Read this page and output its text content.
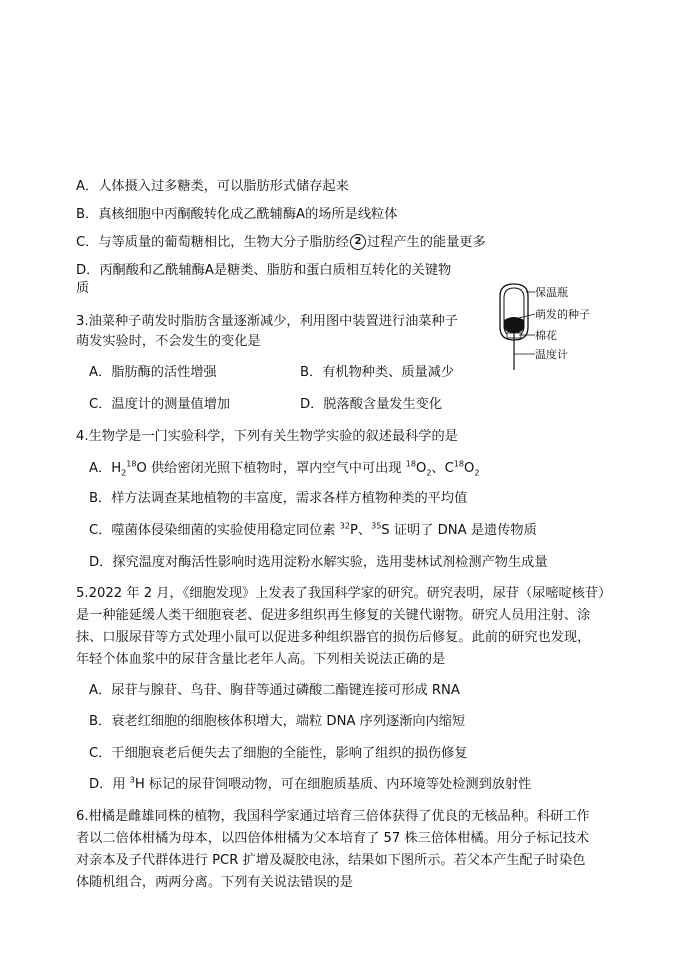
A．人体摄入过多糖类，可以脂肪形式储存起来
B．真核细胞中丙酮酸转化成乙酰辅酶A的场所是线粒体
C．与等质量的葡萄糖相比，生物大分子脂肪经 2 过程产生的能量更多
D．丙酮酸和乙酰辅酶A是糖类、脂肪和蛋白质相互转化的关键物
质
3.油菜种子萌发时脂肪含量逐渐减少，利用图中装置进行油菜种子
萌发实验时，不会发生的变化是
A．脂肪酶的活性增强	B．有机物种类、质量减少
C．温度计的测量值增加	D．脱落酸含量发生变化
保温瓶
萌发的种子
棉花
温度计
4.生物学是一门实验科学，下列有关生物学实验的叙述最科学的是
A．$H_2^{18}O$ 供给密闭光照下植物时，罩内空气中可出现 $^{18}O_2$、$C^{18}O_2$
B．样方法调查某地植物的丰富度，需求各样方植物种类的平均值
C．噬菌体侵染细菌的实验使用稳定同位素 $^{32}$P、$^{35}$S 证明了 DNA 是遗传物质
D．探究温度对酶活性影响时选用淀粉水解实验，选用斐林试剂检测产物生成量
5.2022 年 2 月，《细胞发现》上发表了我国科学家的研究。研究表明，尿苷（尿嘧啶核苷）
是一种能延缓人类干细胞衰老、促进多组织再生修复的关键代谢物。研究人员用注射、涂
抹、口服尿苷等方式处理小鼠可以促进多种组织器官的损伤后修复。此前的研究也发现，
年轻个体血浆中的尿苷含量比老年人高。下列相关说法正确的是
A．尿苷与腺苷、鸟苷、胸苷等通过磷酸二酯键连接可形成 RNA
B．衰老红细胞的细胞核体积增大，端粒 DNA 序列逐渐向内缩短
C．干细胞衰老后便失去了细胞的全能性，影响了组织的损伤修复
D．用 $^3$H 标记的尿苷饲喂动物，可在细胞质基质、内环境等处检测到放射性
6.柑橘是雌雄同株的植物，我国科学家通过培育三倍体获得了优良的无核品种。科研工作
者以二倍体柑橘为母本，以四倍体柑橘为父本培育了 57 株三倍体柑橘。用分子标记技术
对亲本及子代群体进行 PCR 扩增及凝胶电泳，结果如下图所示。若父本产生配子时染色
体随机组合，两两分离。下列有关说法错误的是
